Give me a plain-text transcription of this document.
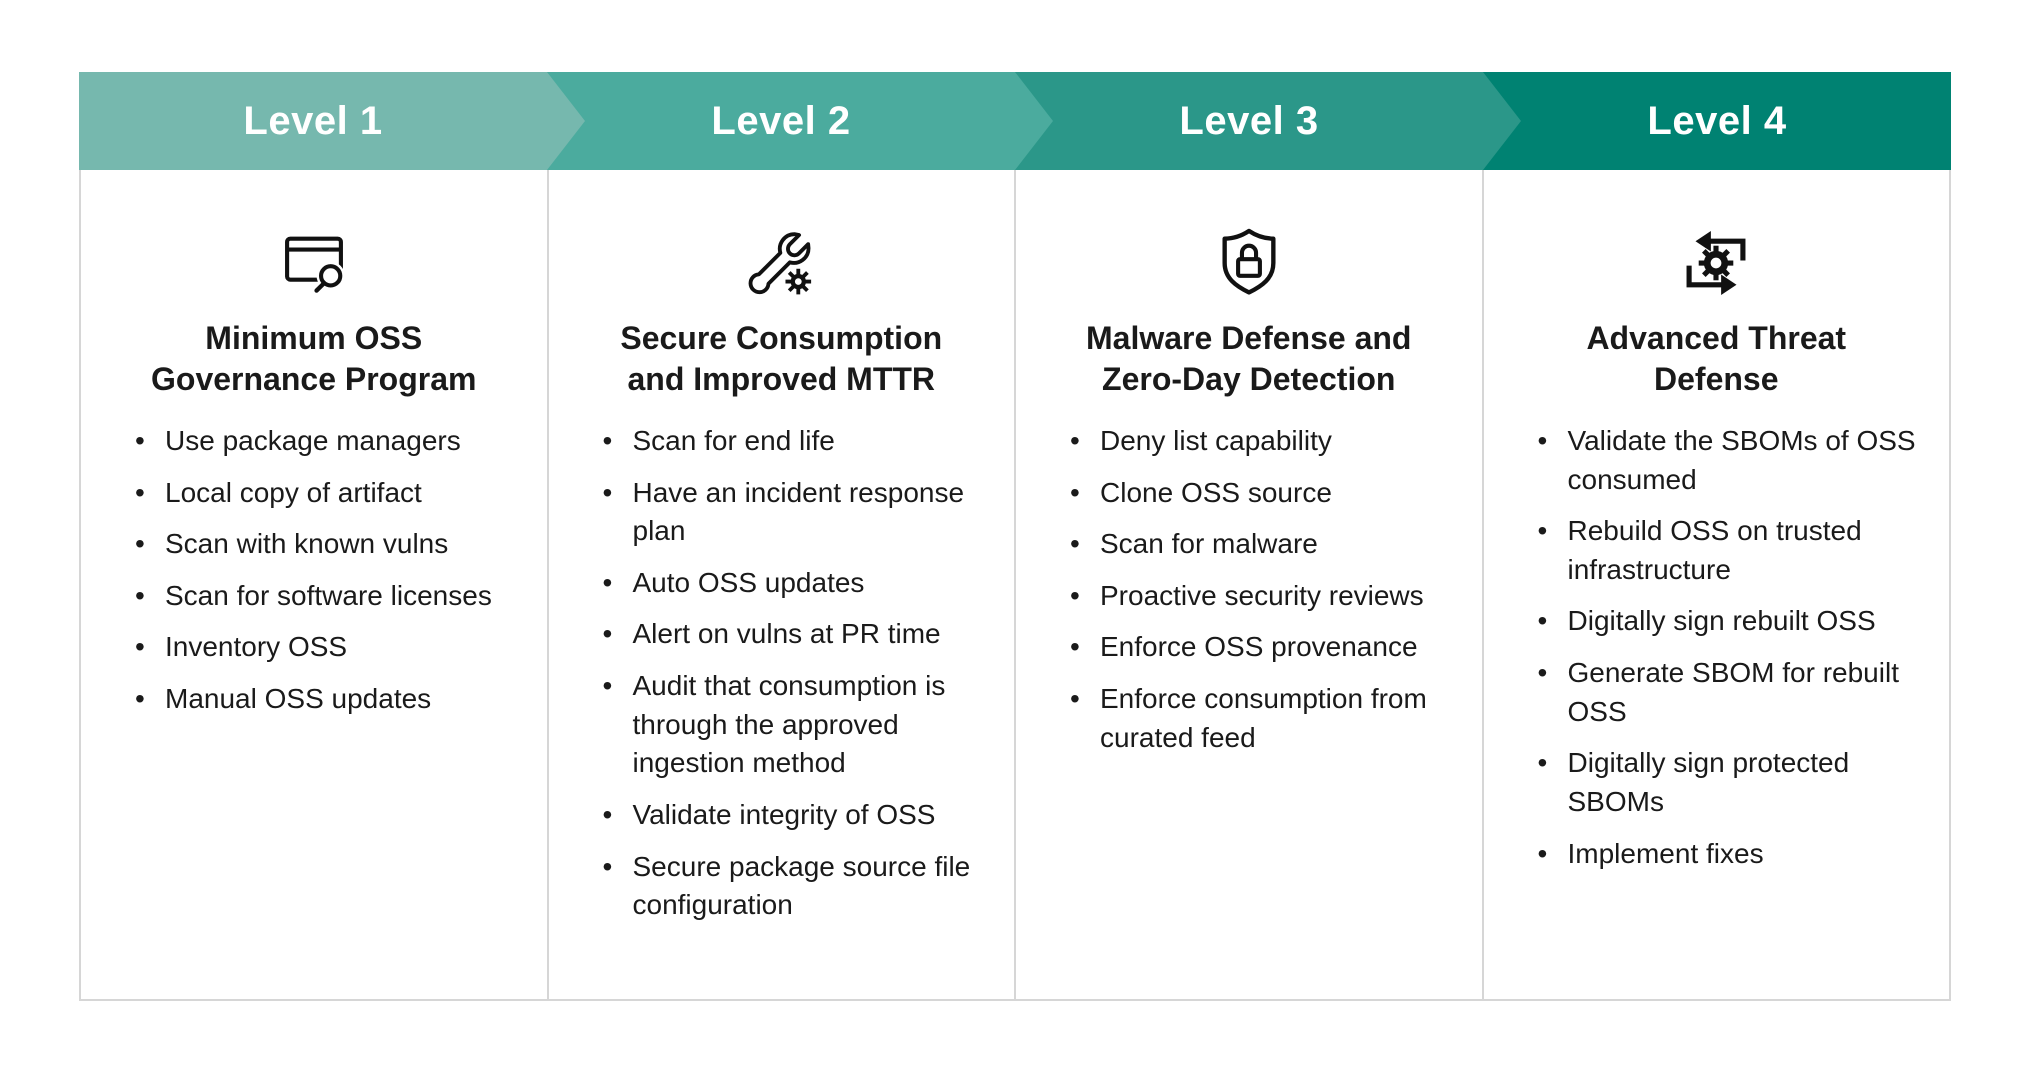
Level 1	Level 2	Level 3	Level 4
Minimum OSS
Governance Program
• Use package managers
• Local copy of artifact
• Scan with known vulns
• Scan for software licenses
• Inventory OSS
• Manual OSS updates
Secure Consumption
and Improved MTTR
• Scan for end life
• Have an incident response plan
• Auto OSS updates
• Alert on vulns at PR time
• Audit that consumption is through the approved ingestion method
• Validate integrity of OSS
• Secure package source file configuration
Malware Defense and
Zero-Day Detection
• Deny list capability
• Clone OSS source
• Scan for malware
• Proactive security reviews
• Enforce OSS provenance
• Enforce consumption from curated feed
Advanced Threat
Defense
• Validate the SBOMs of OSS consumed
• Rebuild OSS on trusted infrastructure
• Digitally sign rebuilt OSS
• Generate SBOM for rebuilt OSS
• Digitally sign protected SBOMs
• Implement fixes
